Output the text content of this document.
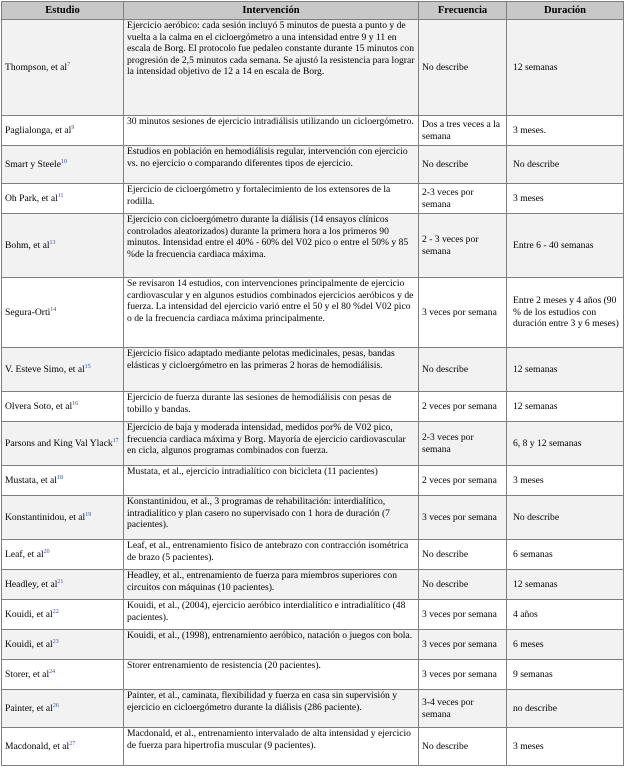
Estudio	Intervención	Frecuencia	Duración
Thompson, et $al^7$	Ejercicio aeróbico: cada sesión incluyó 5 minutos de puesta a punto y de vuelta a la calma en el cicloergómetro a una intensidad entre 9 y 11 en escala de Borg. El protocolo fue pedaleo constante durante 15 minutos con progresión de 2,5 minutos cada semana. Se ajustó la resistencia para lograr la intensidad objetivo de 12 a 14 en escala de Borg.	No describe	12 semanas
Paglialonga, et $al^9$	30 minutos sesiones de ejercicio intradiálisis utilizando un cicloergómetro.	Dos a tres veces a la semana	3 meses.
Smart y Steele$^{10}$	Estudios en población en hemodiálisis regular, intervención con ejercicio vs. no ejercicio o comparando diferentes tipos de ejercicio.	No describe	No describe
Oh Park, et $al^{11}$	Ejercicio de cicloergómetro y fortalecimiento de los extensores de la rodilla.	2-3 veces por semana	3 meses
Bohm, et $al^{13}$	Ejercicio con cicloergómetro durante la diálisis (14 ensayos clínicos controlados aleatorizados) durante la primera hora a los primeros 90 minutos. Intensidad entre el 40% - 60% del V02 pico o entre el 50% y 85 %de la frecuencia cardiaca máxima.	2 - 3 veces por semana	Entre 6 - 40 semanas
Segura-Orti$^{14}$	Se revisaron 14 estudios, con intervenciones principalmente de ejercicio cardiovascular y en algunos estudios combinados ejercicios aeróbicos y de fuerza. La intensidad del ejercicio varió entre el 50 y el 80 %del V02 pico o de la frecuencia cardiaca máxima principalmente.	3 veces por semana	Entre 2 meses y 4 años (90 % de los estudios con duración entre 3 y 6 meses)
V. Esteve Simo, et $al^{15}$	Ejercicio físico adaptado mediante pelotas medicinales, pesas, bandas elásticas y cicloergómetro en las primeras 2 horas de hemodiálisis.	No describe	12 semanas
Olvera Soto, et $al^{16}$	Ejercicio de fuerza durante las sesiones de hemodiálisis con pesas de tobillo y bandas.	2 veces por semana	12 semanas
Parsons and King Val Ylack$^{17}$	Ejercicio de baja y moderada intensidad, medidos por% de V02 pico, frecuencia cardiaca máxima y Borg. Mayoría de ejercicio cardiovascular en cicla, algunos programas combinados con fuerza.	2-3 veces por semana	6, 8 y 12 semanas
Mustata, et $al^{18}$	Mustata, et al., ejercicio intradialítico con bicicleta (11 pacientes)	2 veces por semana	3 meses
Konstantinidou, et $al^{19}$	Konstantinidou, et al., 3 programas de rehabilitación: interdialítico, intradialítico y plan casero no supervisado con 1 hora de duración (7 pacientes).	3 veces por semana	No describe
Leaf, et $al^{20}$	Leaf, et al., entrenamiento físico de antebrazo con contracción isométrica de brazo (5 pacientes).	No describe	6 semanas
Headley, et $al^{21}$	Headley, et al., entrenamiento de fuerza para miembros superiores con circuitos con máquinas (10 pacientes).	No describe	12 semanas
Kouidi, et $al^{22}$	Kouidi, et al., (2004), ejercicio aeróbico interdialítico e intradialítico (48 pacientes).	3 veces por semana	4 años
Kouidi, et $al^{23}$	Kouidi, et al., (1998), entrenamiento aeróbico, natación o juegos con bola.	3 veces por semana	6 meses
Storer, et $al^{24}$	Storer entrenamiento de resistencia (20 pacientes).	3 veces por semana	9 semanas
Painter, et $al^{26}$	Painter, et al., caminata, flexibilidad y fuerza en casa sin supervisión y ejercicio en cicloergómetro durante la diálisis (286 paciente).	3-4 veces por semana	no describe
Macdonald, et $al^{27}$	Macdonald, et al., entrenamiento intervalado de alta intensidad y ejercicio de fuerza para hipertrofia muscular (9 pacientes).	No describe	3 meses
